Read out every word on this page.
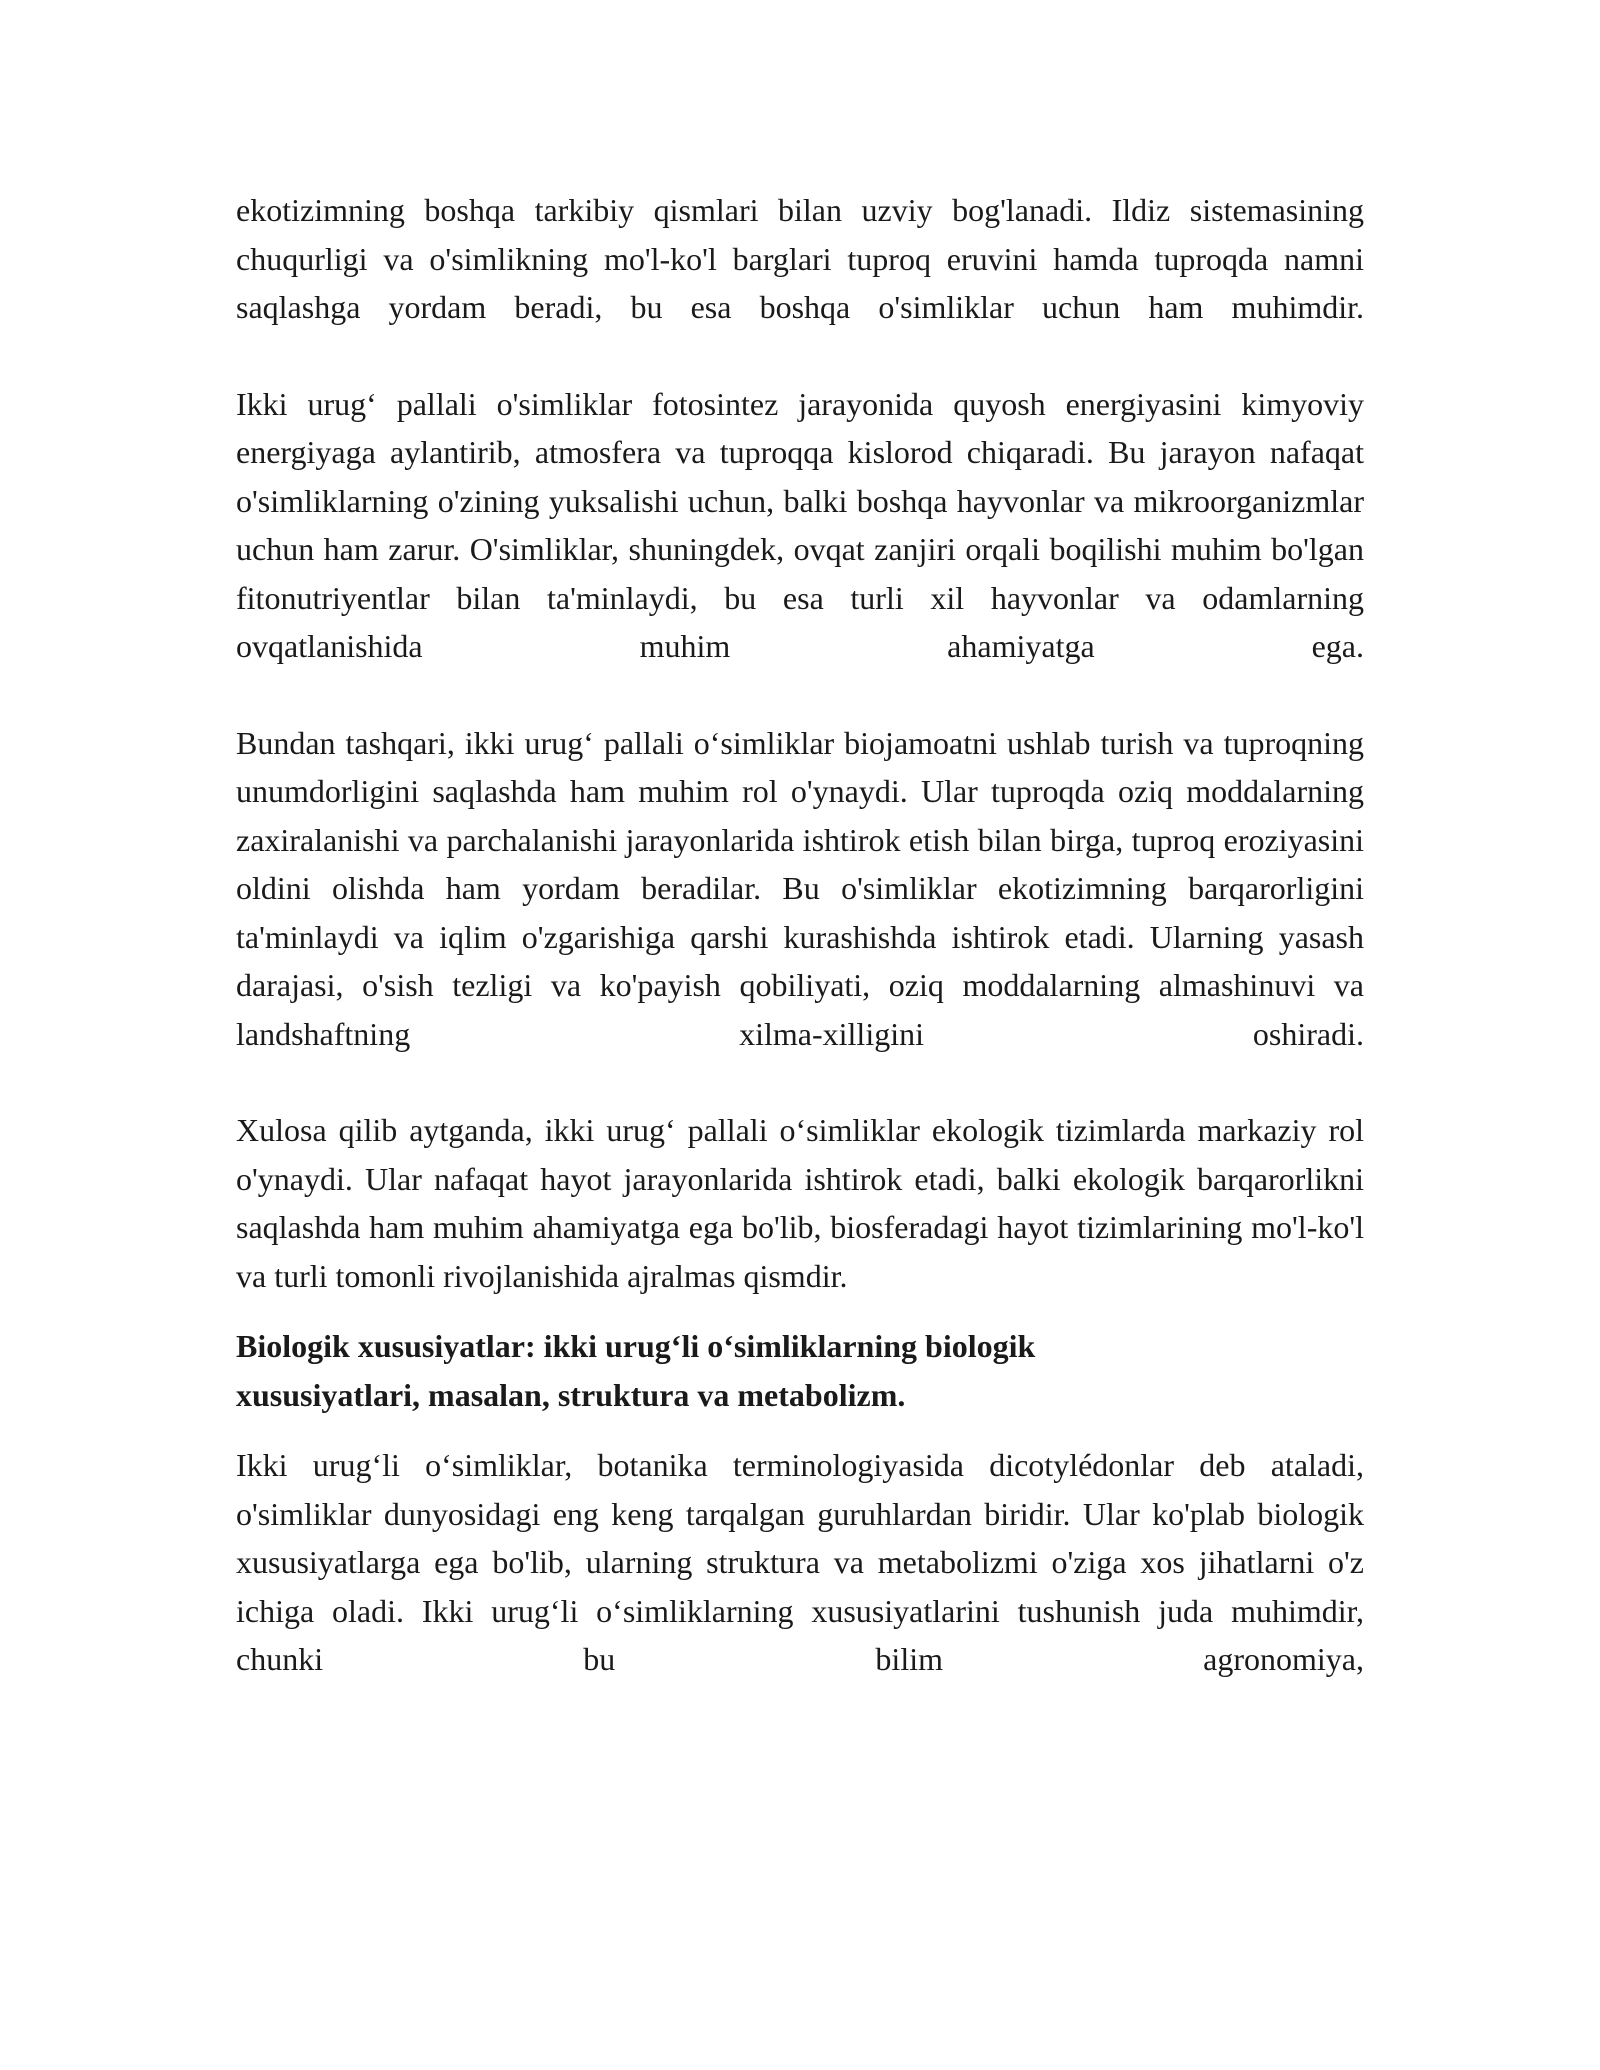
ekotizimning boshqa tarkibiy qismlari bilan uzviy bog'lanadi. Ildiz sistemasining chuqurligi va o'simlikning mo'l-ko'l barglari tuproq eruvini hamda tuproqda namni saqlashga yordam beradi, bu esa boshqa o'simliklar uchun ham muhimdir.

Ikki urug‘ pallali o'simliklar fotosintez jarayonida quyosh energiyasini kimyoviy energiyaga aylantirib, atmosfera va tuproqqa kislorod chiqaradi. Bu jarayon nafaqat o'simliklarning o'zining yuksalishi uchun, balki boshqa hayvonlar va mikroorganizmlar uchun ham zarur. O'simliklar, shuningdek, ovqat zanjiri orqali boqilishi muhim bo'lgan fitonutriyentlar bilan ta'minlaydi, bu esa turli xil hayvonlar va odamlarning ovqatlanishida muhim ahamiyatga ega.

Bundan tashqari, ikki urug‘ pallali o‘simliklar biojamoatni ushlab turish va tuproqning unumdorligini saqlashda ham muhim rol o'ynaydi. Ular tuproqda oziq moddalarning zaxiralanishi va parchalanishi jarayonlarida ishtirok etish bilan birga, tuproq eroziyasini oldini olishda ham yordam beradilar. Bu o'simliklar ekotizimning barqarorligini ta'minlaydi va iqlim o'zgarishiga qarshi kurashishda ishtirok etadi. Ularning yasash darajasi, o'sish tezligi va ko'payish qobiliyati, oziq moddalarning almashinuvi va landshaftning xilma-xilligini oshiradi.

Xulosa qilib aytganda, ikki urug‘ pallali o‘simliklar ekologik tizimlarda markaziy rol o'ynaydi. Ular nafaqat hayot jarayonlarida ishtirok etadi, balki ekologik barqarorlikni saqlashda ham muhim ahamiyatga ega bo'lib, biosferadagi hayot tizimlarining mo'l-ko'l va turli tomonli rivojlanishida ajralmas qismdir.

Biologik xususiyatlar: ikki urug‘li o‘simliklarning biologik xususiyatlari, masalan, struktura va metabolizm.

Ikki urug‘li o‘simliklar, botanika terminologiyasida dicotylédonlar deb ataladi, o'simliklar dunyosidagi eng keng tarqalgan guruhlardan biridir. Ular ko'plab biologik xususiyatlarga ega bo'lib, ularning struktura va metabolizmi o'ziga xos jihatlarni o'z ichiga oladi. Ikki urug‘li o‘simliklarning xususiyatlarini tushunish juda muhimdir, chunki bu bilim agronomiya,
